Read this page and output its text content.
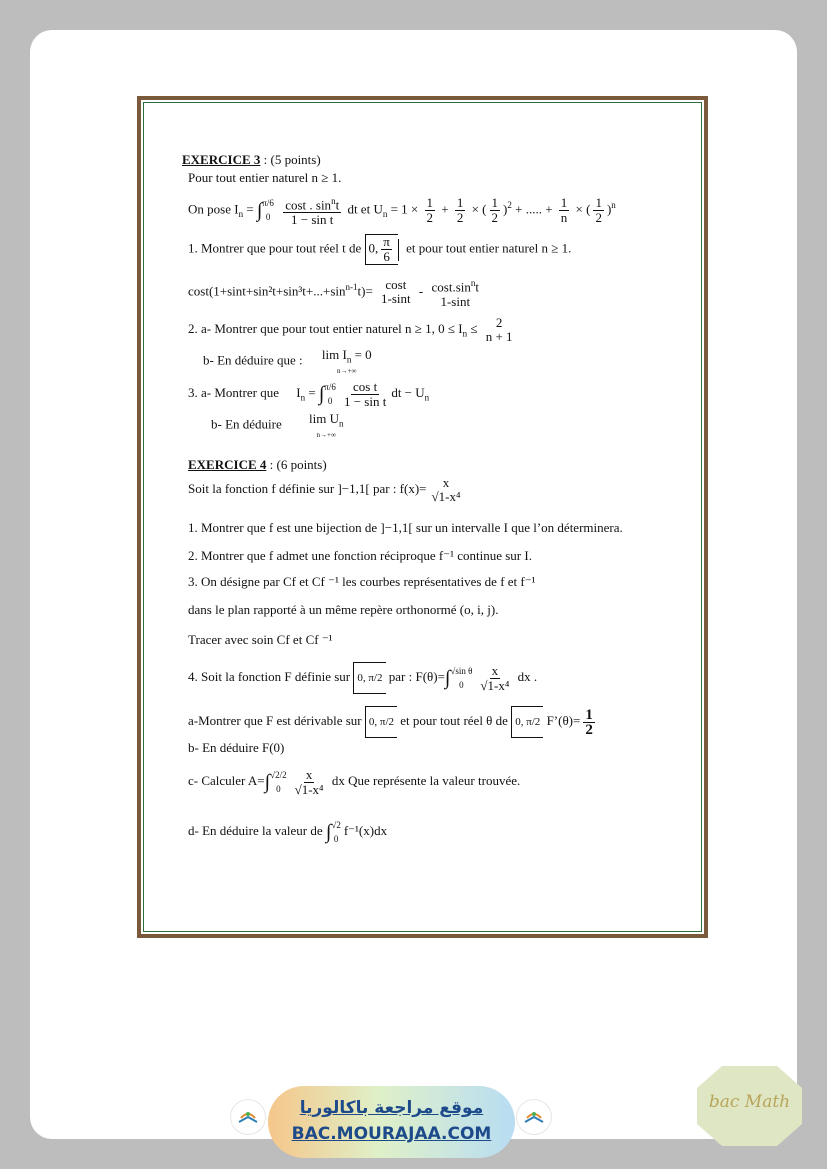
EXERCICE 3 : (5 points)
Pour tout entier naturel n ≥ 1.
On pose $I_n$ = ∫ π/6
0
$\frac{\cos t . \sin^nt}{\text{1 − sin t}}$ dt et $U_n = 1 \times \frac{1}{2} + \frac{1}{2}$ × ( $\frac{1}{2} )^2$ + ..... + $\frac{1}{n}$ × ( $\frac{1}{2} )^n$
1. Montrer que pour tout réel t de 0, $\frac{\pi}{6}$ et pour tout entier naturel n ≥ 1.
$\cos t(1+\sin t+\sin^2t+\sin^3t+...+\sin^{n-1}t)= \cos t$
1-sint
- $\cos t.\sin^nt$
1-sint
2. a- Montrer que pour tout entier naturel n ≥ 1, $0 \le I_n \le 2$
n + 1
b- En déduire que : $\lim I_n = 0$
n→+∞
3. a- Montrer que $I_n$ = ∫ π/6
$0 \frac{\text{cos t}}{\text{1 − sin t}}$ dt − $U_n$
b- En déduire $\lim U_n$
n→+∞
EXERCICE 4 : (6 points)
Soit la fonction f définie sur ]−1,1[ par : f(x)= x
√1-x⁴
1. Montrer que f est une bijection de ]−1,1[ sur un intervalle I que l’on déterminera.
2. Montrer que f admet une fonction réciproque f⁻¹ continue sur I.
3. On désigne par Cf et Cf ⁻¹ les courbes représentatives de f et f⁻¹
dans le plan rapporté à un même repère orthonormé (o, i, j).
Tracer avec soin Cf et Cf ⁻¹
4. Soit la fonction F définie sur 0, π/2 par : F(θ)=∫ √sin θ
$0 \frac{x}{\text{√1-x⁴}}$ dx .
a-Montrer que F est dérivable sur 0, π/2 et pour tout réel θ de 0, π/2 F’(θ)= $\frac{1}{2}$
b- En déduire F(0)
c- Calculer A=∫ √2/2
$0 \frac{x}{\text{√1-x⁴}}$ dx Que représente la valeur trouvée.
d- En déduire la valeur de ∫ √2
0
f⁻¹(x)dx
موقع مراجعة باكالوريا
BAC.MOURAJAA.COM
bac Math
